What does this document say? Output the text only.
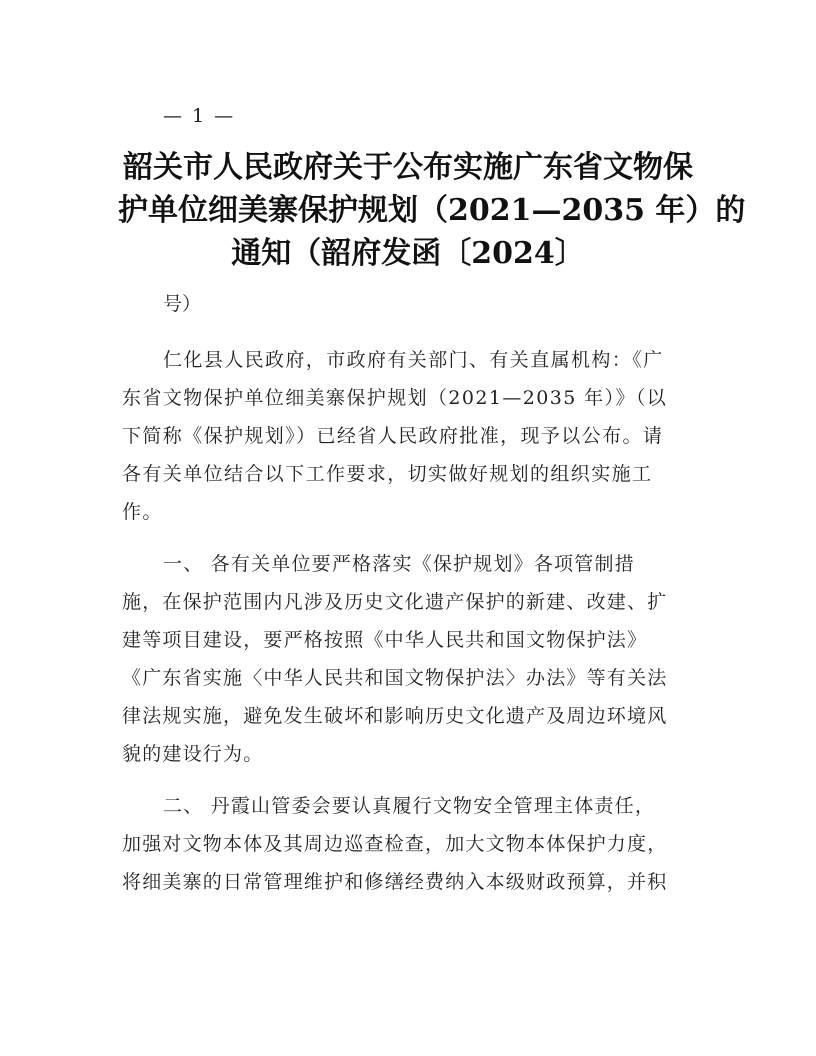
— 1 —
韶关市人民政府关于公布实施广东省文物保
护单位细美寨保护规划（2021—2035 年）的
通知（韶府发函〔2024〕
号）
仁化县人民政府，市政府有关部门、有关直属机构：《广
东省文物保护单位细美寨保护规划（2021—2035 年）》（以
下简称《保护规划》）已经省人民政府批准，现予以公布。请
各有关单位结合以下工作要求，切实做好规划的组织实施工
作。
一、 各有关单位要严格落实《保护规划》各项管制措
施，在保护范围内凡涉及历史文化遗产保护的新建、改建、扩
建等项目建设，要严格按照《中华人民共和国文物保护法》
《广东省实施〈中华人民共和国文物保护法〉办法》等有关法
律法规实施，避免发生破坏和影响历史文化遗产及周边环境风
貌的建设行为。
二、 丹霞山管委会要认真履行文物安全管理主体责任，
加强对文物本体及其周边巡查检查，加大文物本体保护力度，
将细美寨的日常管理维护和修缮经费纳入本级财政预算，并积
